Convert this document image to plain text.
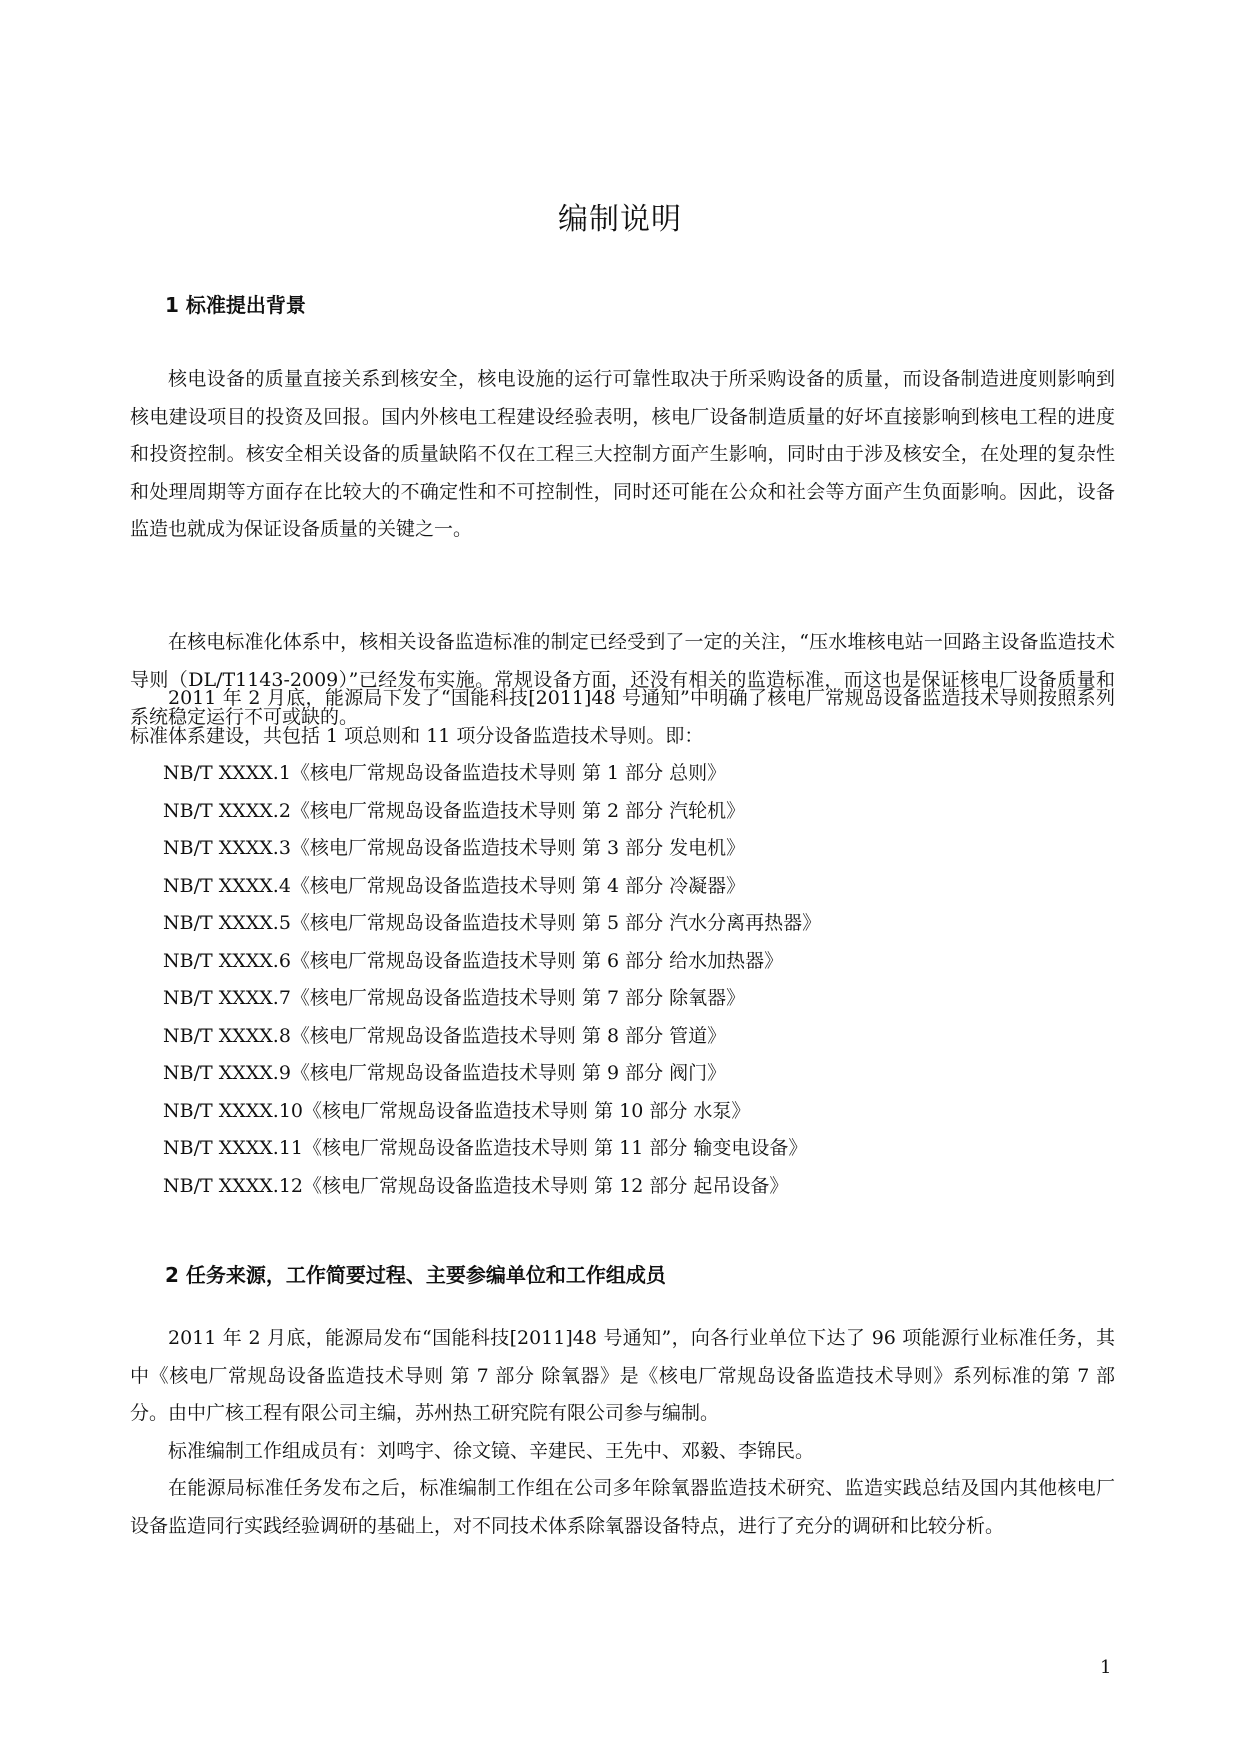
编制说明
1 标准提出背景

核电设备的质量直接关系到核安全，核电设施的运行可靠性取决于所采购设备的质量，而设备制造进度则影响到核电建设项目的投资及回报。国内外核电工程建设经验表明，核电厂设备制造质量的好坏直接影响到核电工程的进度和投资控制。核安全相关设备的质量缺陷不仅在工程三大控制方面产生影响，同时由于涉及核安全，在处理的复杂性和处理周期等方面存在比较大的不确定性和不可控制性，同时还可能在公众和社会等方面产生负面影响。因此，设备监造也就成为保证设备质量的关键之一。

在核电标准化体系中，核相关设备监造标准的制定已经受到了一定的关注，“压水堆核电站一回路主设备监造技术导则（DL/T1143-2009）”已经发布实施。常规设备方面，还没有相关的监造标准，而这也是保证核电厂设备质量和系统稳定运行不可或缺的。

2011 年 2 月底，能源局下发了“国能科技[2011]48 号通知”中明确了核电厂常规岛设备监造技术导则按照系列标准体系建设，共包括 1 项总则和 11 项分设备监造技术导则。即：

NB/T XXXX.1《核电厂常规岛设备监造技术导则 第 1 部分 总则》
NB/T XXXX.2《核电厂常规岛设备监造技术导则 第 2 部分 汽轮机》
NB/T XXXX.3《核电厂常规岛设备监造技术导则 第 3 部分 发电机》
NB/T XXXX.4《核电厂常规岛设备监造技术导则 第 4 部分 冷凝器》
NB/T XXXX.5《核电厂常规岛设备监造技术导则 第 5 部分 汽水分离再热器》
NB/T XXXX.6《核电厂常规岛设备监造技术导则 第 6 部分 给水加热器》
NB/T XXXX.7《核电厂常规岛设备监造技术导则 第 7 部分 除氧器》
NB/T XXXX.8《核电厂常规岛设备监造技术导则 第 8 部分 管道》
NB/T XXXX.9《核电厂常规岛设备监造技术导则 第 9 部分 阀门》
NB/T XXXX.10《核电厂常规岛设备监造技术导则 第 10 部分 水泵》
NB/T XXXX.11《核电厂常规岛设备监造技术导则 第 11 部分 输变电设备》
NB/T XXXX.12《核电厂常规岛设备监造技术导则 第 12 部分 起吊设备》
2 任务来源，工作简要过程、主要参编单位和工作组成员

2011 年 2 月底，能源局发布“国能科技[2011]48 号通知”，向各行业单位下达了 96 项能源行业标准任务，其中《核电厂常规岛设备监造技术导则 第 7 部分 除氧器》是《核电厂常规岛设备监造技术导则》系列标准的第 7 部分。由中广核工程有限公司主编，苏州热工研究院有限公司参与编制。

标准编制工作组成员有：刘鸣宇、徐文镜、辛建民、王先中、邓毅、李锦民。

在能源局标准任务发布之后，标准编制工作组在公司多年除氧器监造技术研究、监造实践总结及国内其他核电厂设备监造同行实践经验调研的基础上，对不同技术体系除氧器设备特点，进行了充分的调研和比较分析。

1
